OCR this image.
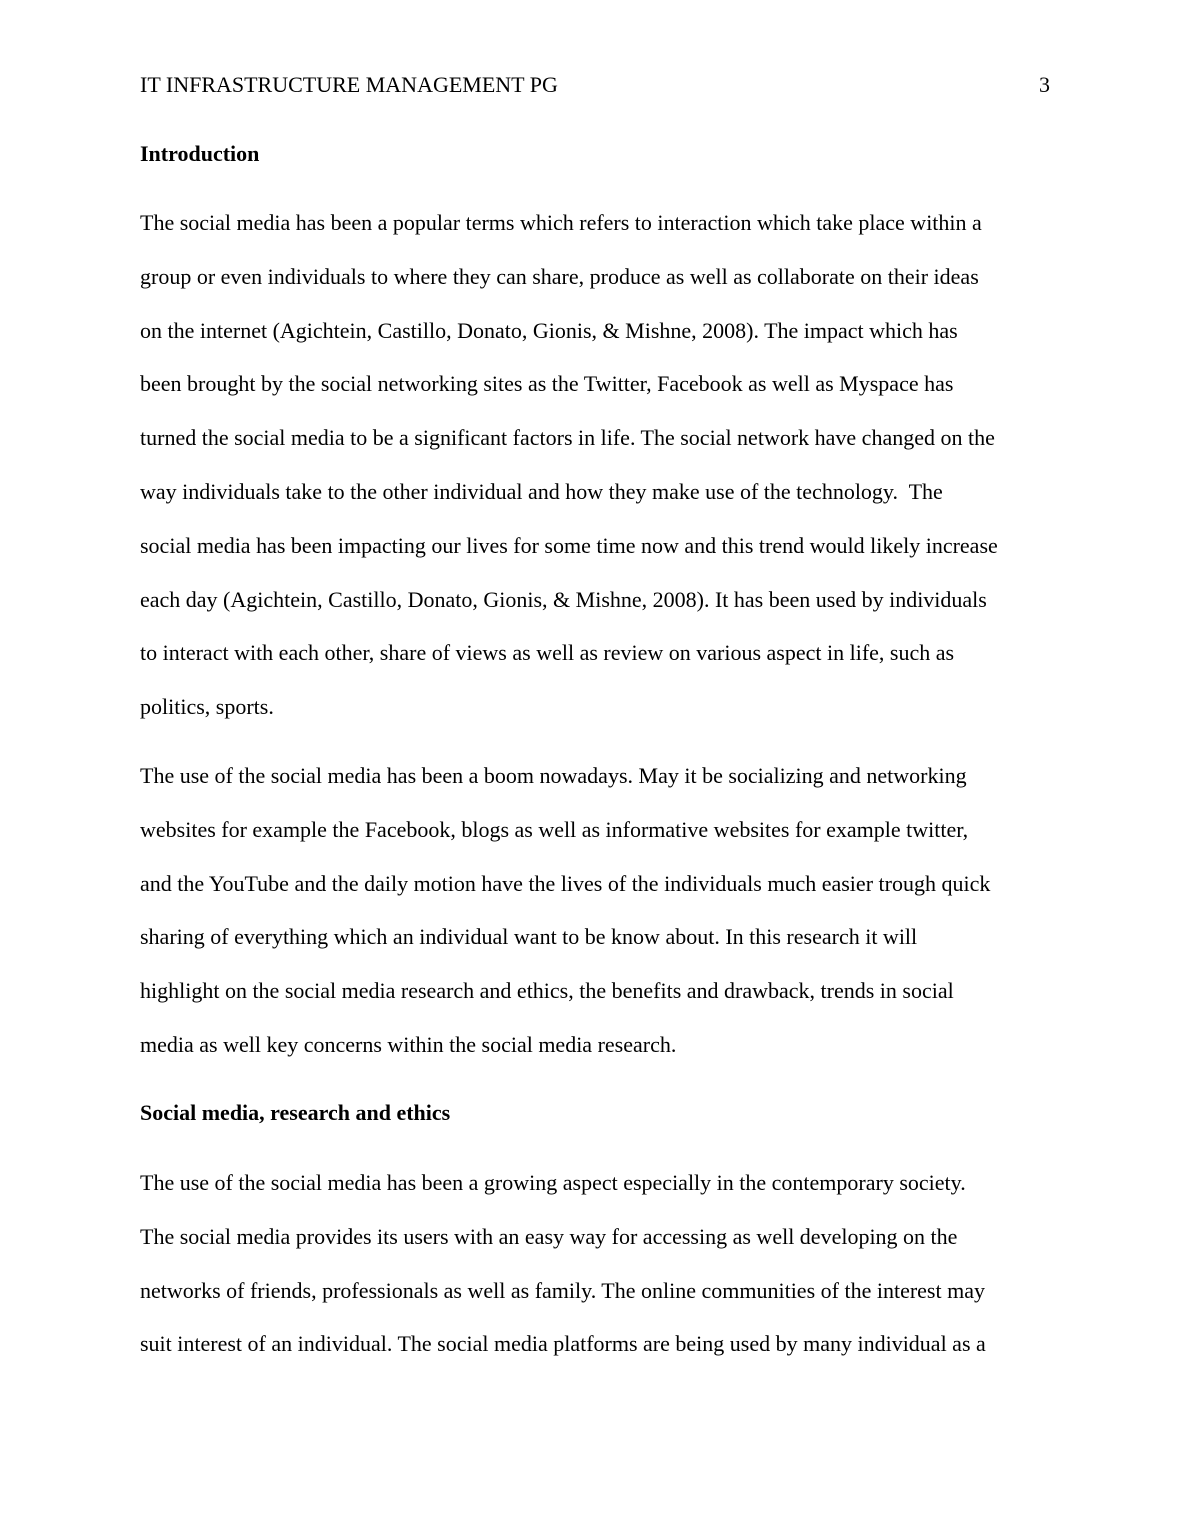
IT INFRASTRUCTURE MANAGEMENT PG	3
Introduction
The social media has been a popular terms which refers to interaction which take place within a
group or even individuals to where they can share, produce as well as collaborate on their ideas
on the internet (Agichtein, Castillo, Donato, Gionis, & Mishne, 2008). The impact which has
been brought by the social networking sites as the Twitter, Facebook as well as Myspace has
turned the social media to be a significant factors in life. The social network have changed on the
way individuals take to the other individual and how they make use of the technology.  The
social media has been impacting our lives for some time now and this trend would likely increase
each day (Agichtein, Castillo, Donato, Gionis, & Mishne, 2008). It has been used by individuals
to interact with each other, share of views as well as review on various aspect in life, such as
politics, sports.
The use of the social media has been a boom nowadays. May it be socializing and networking
websites for example the Facebook, blogs as well as informative websites for example twitter,
and the YouTube and the daily motion have the lives of the individuals much easier trough quick
sharing of everything which an individual want to be know about. In this research it will
highlight on the social media research and ethics, the benefits and drawback, trends in social
media as well key concerns within the social media research.
Social media, research and ethics
The use of the social media has been a growing aspect especially in the contemporary society.
The social media provides its users with an easy way for accessing as well developing on the
networks of friends, professionals as well as family. The online communities of the interest may
suit interest of an individual. The social media platforms are being used by many individual as a
